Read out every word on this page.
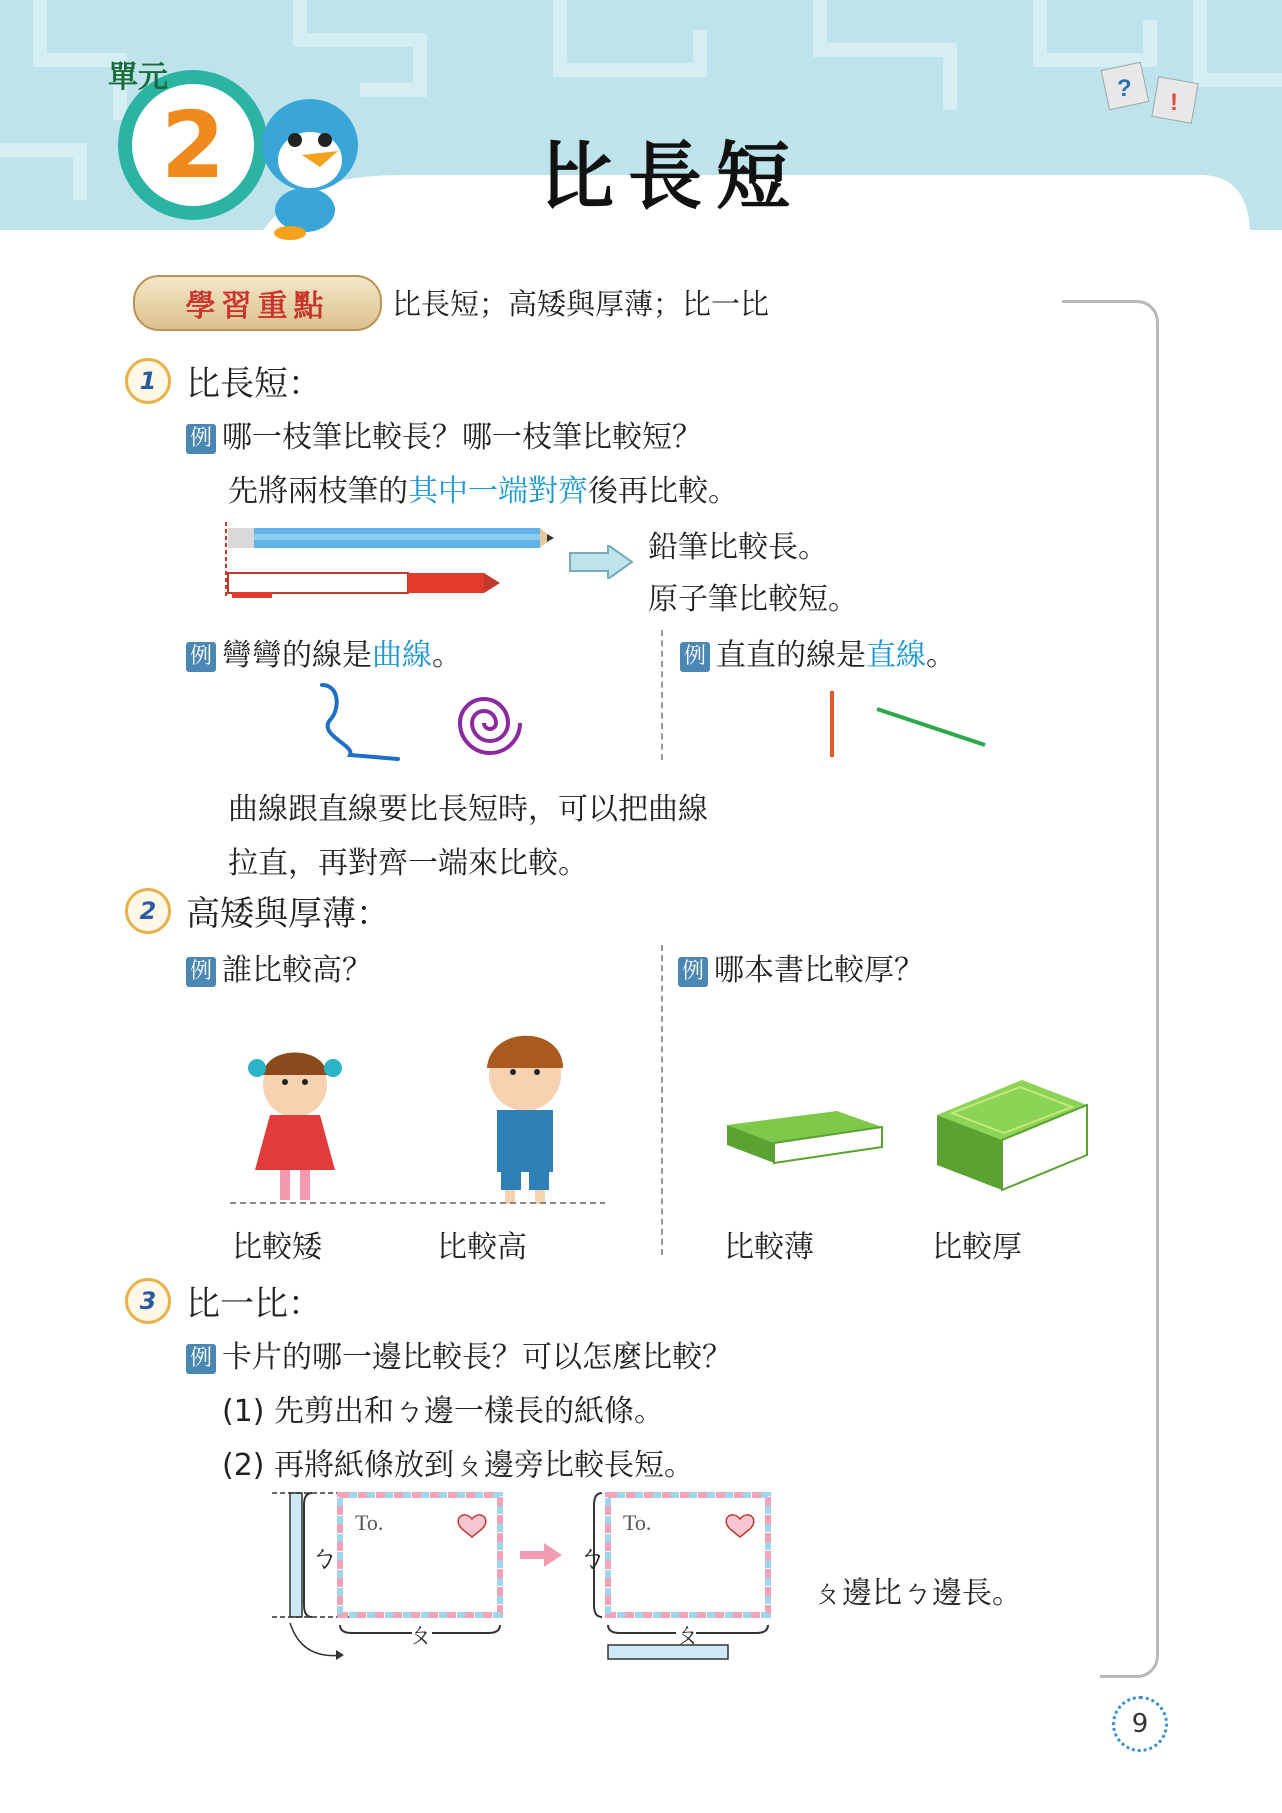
2
單元	?
!
比長短
學習重點	比長短；高矮與厚薄；比一比
1 比長短：
例 哪一枝筆比較長？哪一枝筆比較短？
先將兩枝筆的其中一端對齊後再比較。
鉛筆比較長。
原子筆比較短。
例 彎彎的線是曲線。	例 直直的線是直線。
曲線跟直線要比長短時，可以把曲線
拉直，再對齊一端來比較。
2 高矮與厚薄：
例 誰比較高？	例 哪本書比較厚？
比較矮	比較高	比較薄	比較厚
3 比一比：
例 卡片的哪一邊比較長？可以怎麼比較？
(1) 先剪出和ㄅ邊一樣長的紙條。
(2) 再將紙條放到ㄆ邊旁比較長短。
To.	To.
ㄅ	ㄅ
ㄆ	ㄆ
ㄆ邊比ㄅ邊長。
9
